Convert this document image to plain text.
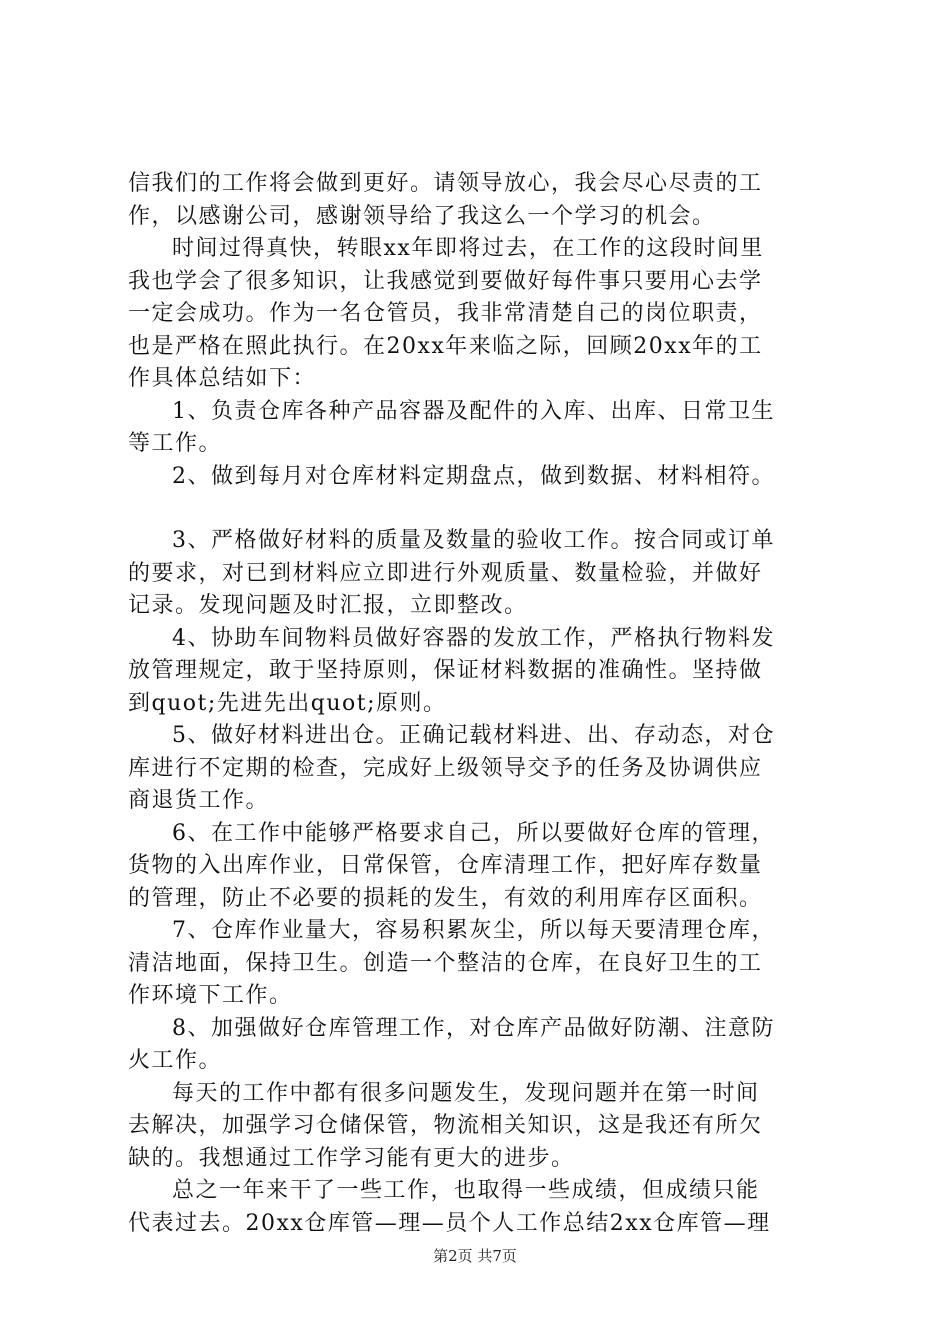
信我们的工作将会做到更好。请领导放心，我会尽心尽责的工
作，以感谢公司，感谢领导给了我这么一个学习的机会。
时间过得真快，转眼xx年即将过去，在工作的这段时间里
我也学会了很多知识，让我感觉到要做好每件事只要用心去学
一定会成功。作为一名仓管员，我非常清楚自己的岗位职责，
也是严格在照此执行。在20xx年来临之际，回顾20xx年的工
作具体总结如下：
1、负责仓库各种产品容器及配件的入库、出库、日常卫生
等工作。
2、做到每月对仓库材料定期盘点，做到数据、材料相符。
3、严格做好材料的质量及数量的验收工作。按合同或订单
的要求，对已到材料应立即进行外观质量、数量检验，并做好
记录。发现问题及时汇报，立即整改。
4、协助车间物料员做好容器的发放工作，严格执行物料发
放管理规定，敢于坚持原则，保证材料数据的准确性。坚持做
到quot;先进先出quot;原则。
5、做好材料进出仓。正确记载材料进、出、存动态，对仓
库进行不定期的检查，完成好上级领导交予的任务及协调供应
商退货工作。
6、在工作中能够严格要求自己，所以要做好仓库的管理，
货物的入出库作业，日常保管，仓库清理工作，把好库存数量
的管理，防止不必要的损耗的发生，有效的利用库存区面积。
7、仓库作业量大，容易积累灰尘，所以每天要清理仓库，
清洁地面，保持卫生。创造一个整洁的仓库，在良好卫生的工
作环境下工作。
8、加强做好仓库管理工作，对仓库产品做好防潮、注意防
火工作。
每天的工作中都有很多问题发生，发现问题并在第一时间
去解决，加强学习仓储保管，物流相关知识，这是我还有所欠
缺的。我想通过工作学习能有更大的进步。
总之一年来干了一些工作，也取得一些成绩，但成绩只能
代表过去。20xx仓库管—理—员个人工作总结2xx仓库管—理
第2页 共7页
